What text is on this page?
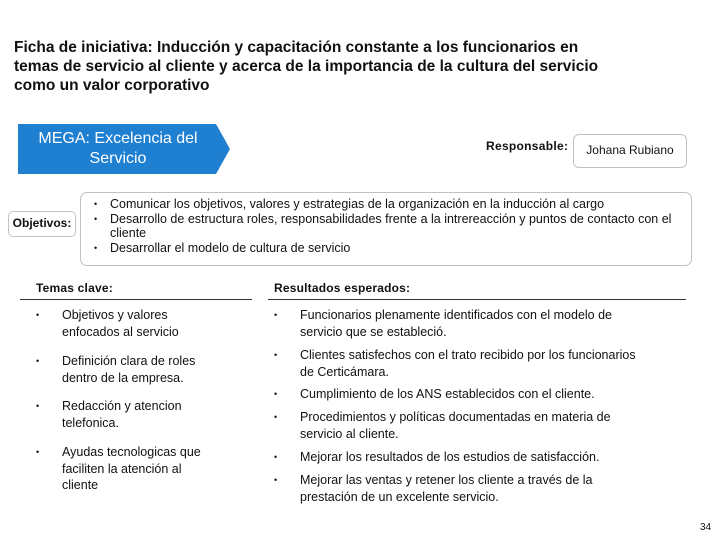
Ficha de iniciativa: Inducción y capacitación constante a los funcionarios en
temas de servicio al cliente y acerca de la importancia de la cultura del servicio
como un valor corporativo
MEGA: Excelencia del
Servicio
Responsable:	Johana Rubiano
Objetivos:
• Comunicar los objetivos, valores y estrategias de la organización en la inducción al cargo
• Desarrollo de estructura roles, responsabilidades frente a la intrereacción y puntos de contacto con el cliente
• Desarrollar el modelo de cultura de servicio
Temas clave:
• Objetivos y valores
enfocados al servicio
• Definición clara de roles
dentro de la empresa.
• Redacción y atencion
telefonica.
• Ayudas tecnologicas que
faciliten la atención al
cliente
Resultados esperados:
• Funcionarios plenamente identificados con el modelo de
servicio que se estableció.
• Clientes satisfechos con el trato recibido por los funcionarios
de Certicámara.
• Cumplimiento de los ANS establecidos con el cliente.
• Procedimientos y políticas documentadas en materia de
servicio al cliente.
• Mejorar los resultados de los estudios de satisfacción.
• Mejorar las ventas y retener los cliente a través de la
prestación de un excelente servicio.
34
